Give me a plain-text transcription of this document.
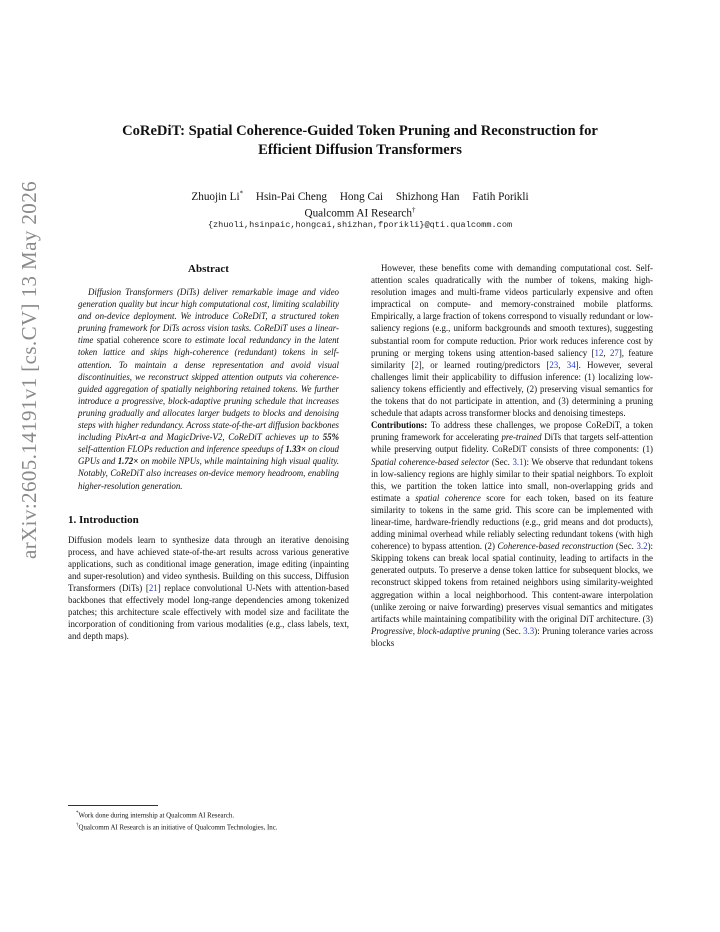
arXiv:2605.14191v1 [cs.CV] 13 May 2026
CoReDiT: Spatial Coherence-Guided Token Pruning and Reconstruction for
Efficient Diffusion Transformers
Zhuojin Li* Hsin-Pai Cheng Hong Cai Shizhong Han Fatih Porikli
Qualcomm AI Research†
{zhuoli,hsinpaic,hongcai,shizhan,fporikli}@qti.qualcomm.com
Abstract

Diffusion Transformers (DiTs) deliver remarkable image and video generation quality but incur high computational cost, limiting scalability and on-device deployment. We introduce CoReDiT, a structured token pruning framework for DiTs across vision tasks. CoReDiT uses a linear-time spatial coherence score to estimate local redundancy in the latent token lattice and skips high-coherence (redundant) tokens in self-attention. To maintain a dense representation and avoid visual discontinuities, we reconstruct skipped attention outputs via coherence-guided aggregation of spatially neighboring retained tokens. We further introduce a progressive, block-adaptive pruning schedule that increases pruning gradually and allocates larger budgets to blocks and denoising steps with higher redundancy. Across state-of-the-art diffusion backbones including PixArt-α and MagicDrive-V2, CoReDiT achieves up to 55% self-attention FLOPs reduction and inference speedups of 1.33× on cloud GPUs and 1.72× on mobile NPUs, while maintaining high visual quality. Notably, CoReDiT also increases on-device memory headroom, enabling higher-resolution generation.

1. Introduction

Diffusion models learn to synthesize data through an iterative denoising process, and have achieved state-of-the-art results across various generative applications, such as conditional image generation, image editing (inpainting and super-resolution) and video synthesis. Building on this success, Diffusion Transformers (DiTs) [21] replace convolutional U-Nets with attention-based backbones that effectively model long-range dependencies among tokenized patches; this architecture scale effectively with model size and facilitate the incorporation of conditioning from various modalities (e.g., class labels, text, and depth maps).

*Work done during internship at Qualcomm AI Research.

†Qualcomm AI Research is an initiative of Qualcomm Technologies, Inc.

However, these benefits come with demanding computational cost. Self-attention scales quadratically with the number of tokens, making high-resolution images and multi-frame videos particularly expensive and often impractical on compute- and memory-constrained mobile platforms. Empirically, a large fraction of tokens correspond to visually redundant or low-saliency regions (e.g., uniform backgrounds and smooth textures), suggesting substantial room for compute reduction. Prior work reduces inference cost by pruning or merging tokens using attention-based saliency [12, 27], feature similarity [2], or learned routing/predictors [23, 34]. However, several challenges limit their applicability to diffusion inference: (1) localizing low-saliency tokens efficiently and effectively, (2) preserving visual semantics for the tokens that do not participate in attention, and (3) determining a pruning schedule that adapts across transformer blocks and denoising timesteps.

Contributions: To address these challenges, we propose CoReDiT, a token pruning framework for accelerating pre-trained DiTs that targets self-attention while preserving output fidelity. CoReDiT consists of three components: (1) Spatial coherence-based selector (Sec. 3.1): We observe that redundant tokens in low-saliency regions are highly similar to their spatial neighbors. To exploit this, we partition the token lattice into small, non-overlapping grids and estimate a spatial coherence score for each token, based on its feature similarity to tokens in the same grid. This score can be implemented with linear-time, hardware-friendly reductions (e.g., grid means and dot products), adding minimal overhead while reliably selecting redundant tokens (with high coherence) to bypass attention. (2) Coherence-based reconstruction (Sec. 3.2): Skipping tokens can break local spatial continuity, leading to artifacts in the generated outputs. To preserve a dense token lattice for subsequent blocks, we reconstruct skipped tokens from retained neighbors using similarity-weighted aggregation within a local neighborhood. This content-aware interpolation (unlike zeroing or naive forwarding) preserves visual semantics and mitigates artifacts while maintaining compatibility with the original DiT architecture. (3) Progressive, block-adaptive pruning (Sec. 3.3): Pruning tolerance varies across blocks
